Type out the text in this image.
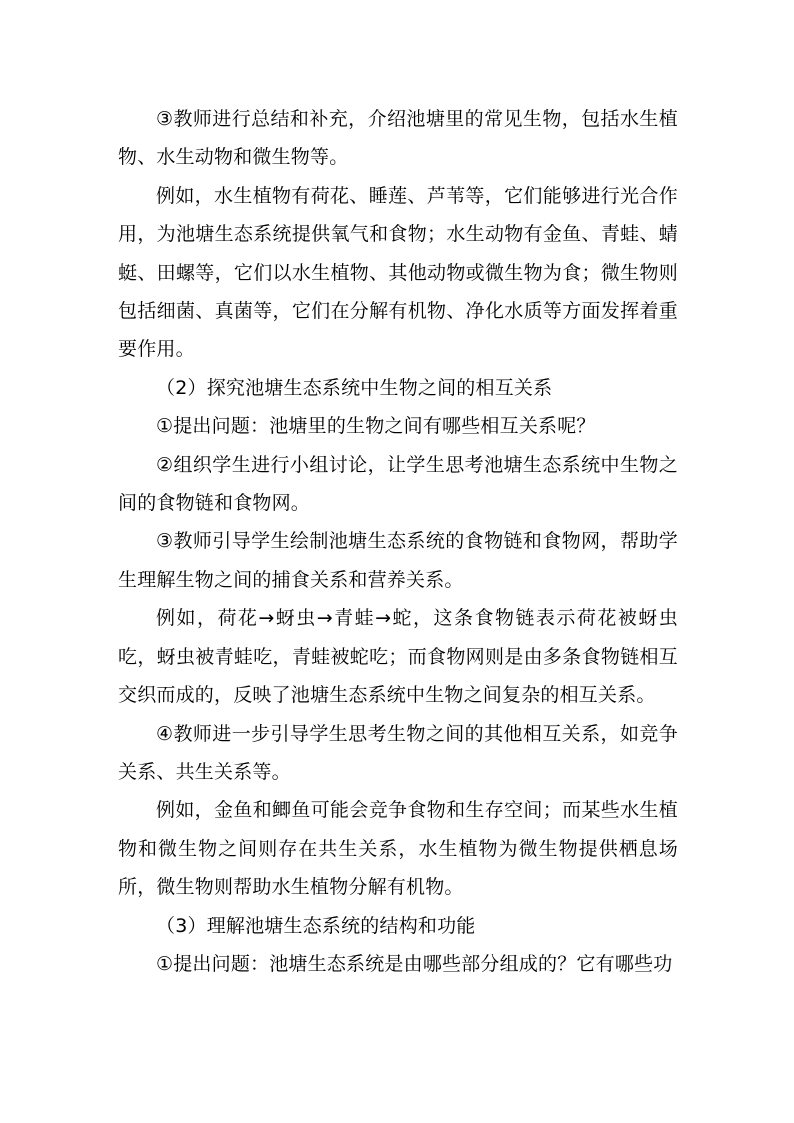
③教师进行总结和补充，介绍池塘里的常见生物，包括水生植物、水生动物和微生物等。

例如，水生植物有荷花、睡莲、芦苇等，它们能够进行光合作用，为池塘生态系统提供氧气和食物；水生动物有金鱼、青蛙、蜻蜓、田螺等，它们以水生植物、其他动物或微生物为食；微生物则包括细菌、真菌等，它们在分解有机物、净化水质等方面发挥着重要作用。

（2）探究池塘生态系统中生物之间的相互关系

①提出问题：池塘里的生物之间有哪些相互关系呢？

②组织学生进行小组讨论，让学生思考池塘生态系统中生物之间的食物链和食物网。

③教师引导学生绘制池塘生态系统的食物链和食物网，帮助学生理解生物之间的捕食关系和营养关系。

例如，荷花→蚜虫→青蛙→蛇，这条食物链表示荷花被蚜虫吃，蚜虫被青蛙吃，青蛙被蛇吃；而食物网则是由多条食物链相互交织而成的，反映了池塘生态系统中生物之间复杂的相互关系。

④教师进一步引导学生思考生物之间的其他相互关系，如竞争关系、共生关系等。

例如，金鱼和鲫鱼可能会竞争食物和生存空间；而某些水生植物和微生物之间则存在共生关系，水生植物为微生物提供栖息场所，微生物则帮助水生植物分解有机物。

（3）理解池塘生态系统的结构和功能

①提出问题：池塘生态系统是由哪些部分组成的？它有哪些功
